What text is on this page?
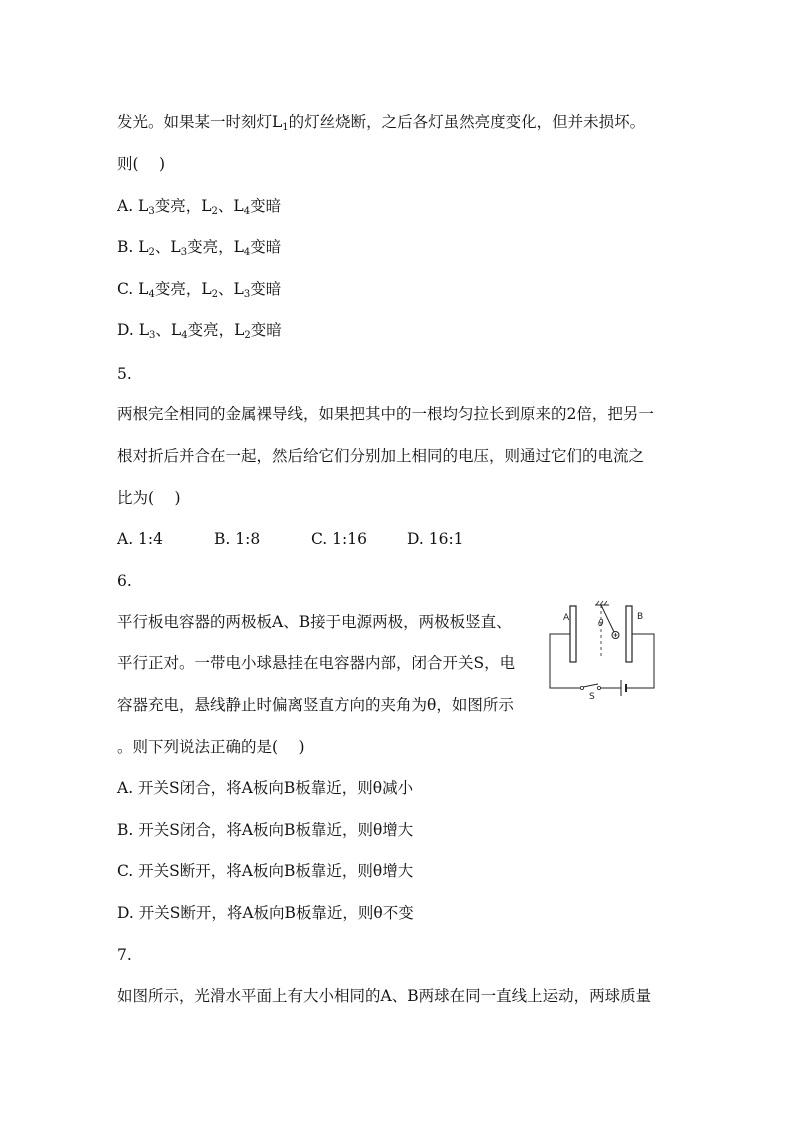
发光。如果某一时刻灯$L_1$的灯丝烧断，之后各灯虽然亮度变化，但并未损坏。
则(　 )
A. $L_3$变亮，$L_2$、$L_4$变暗
B. $L_2$、$L_3$变亮，$L_4$变暗
C. $L_4$变亮，$L_2$、$L_3$变暗
D. $L_3$、$L_4$变亮，$L_2$变暗
5.
两根完全相同的金属裸导线，如果把其中的一根均匀拉长到原来的2倍，把另一
根对折后并合在一起，然后给它们分别加上相同的电压，则通过它们的电流之
比为(　 )
A. 1:4	B. 1:8	C. 1:16	D. 16:1
6.
平行板电容器的两极板A、B接于电源两极，两极板竖直、
平行正对。一带电小球悬挂在电容器内部，闭合开关S，电
容器充电，悬线静止时偏离竖直方向的夹角为θ，如图所示
。则下列说法正确的是(　 )
A	B
θ
S
A. 开关S闭合，将A板向B板靠近，则θ减小
B. 开关S闭合，将A板向B板靠近，则θ增大
C. 开关S断开，将A板向B板靠近，则θ增大
D. 开关S断开，将A板向B板靠近，则θ不变
7.
如图所示，光滑水平面上有大小相同的A、B两球在同一直线上运动，两球质量
